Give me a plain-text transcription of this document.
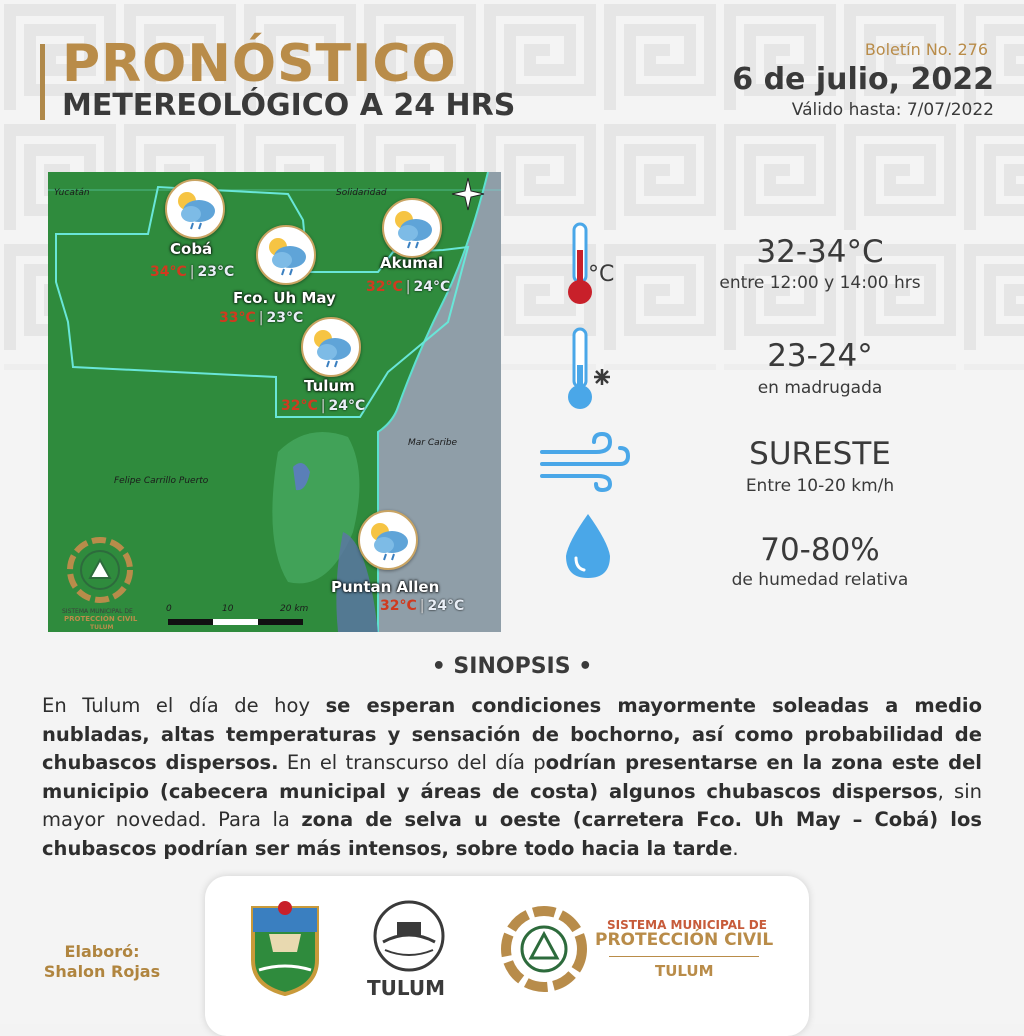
PRONÓSTICO
METEREOLÓGICO A 24 HRS
Boletín No. 276
6 de julio, 2022
Válido hasta: 7/07/2022
Yucatán	Solidaridad
Mar Caribe
Felipe Carrillo Puerto
0	10	20 km
SISTEMA MUNICIPAL DE
PROTECCIÓN CIVIL
TULUM
Cobá
34°C | 23°C
Fco. Uh May
33°C | 23°C
Akumal
32°C | 24°C
Tulum
32°C | 24°C
Puntan Allen
32°C | 24°C
°C
32-34°C
entre 12:00 y 14:00 hrs
23-24°
en madrugada
SURESTE
Entre 10-20 km/h
70-80%
de humedad relativa
• SINOPSIS •
En Tulum el día de hoy se esperan condiciones mayormente soleadas a medio nubladas, altas temperaturas y sensación de bochorno, así como probabilidad de chubascos dispersos. En el transcurso del día podrían presentarse en la zona este del municipio (cabecera municipal y áreas de costa) algunos chubascos dispersos, sin mayor novedad. Para la zona de selva u oeste (carretera Fco. Uh May – Cobá) los chubascos podrían ser más intensos, sobre todo hacia la tarde.
Elaboró:
Shalon Rojas
TULUM
SISTEMA MUNICIPAL DE
PROTECCIÓN CIVIL
TULUM
